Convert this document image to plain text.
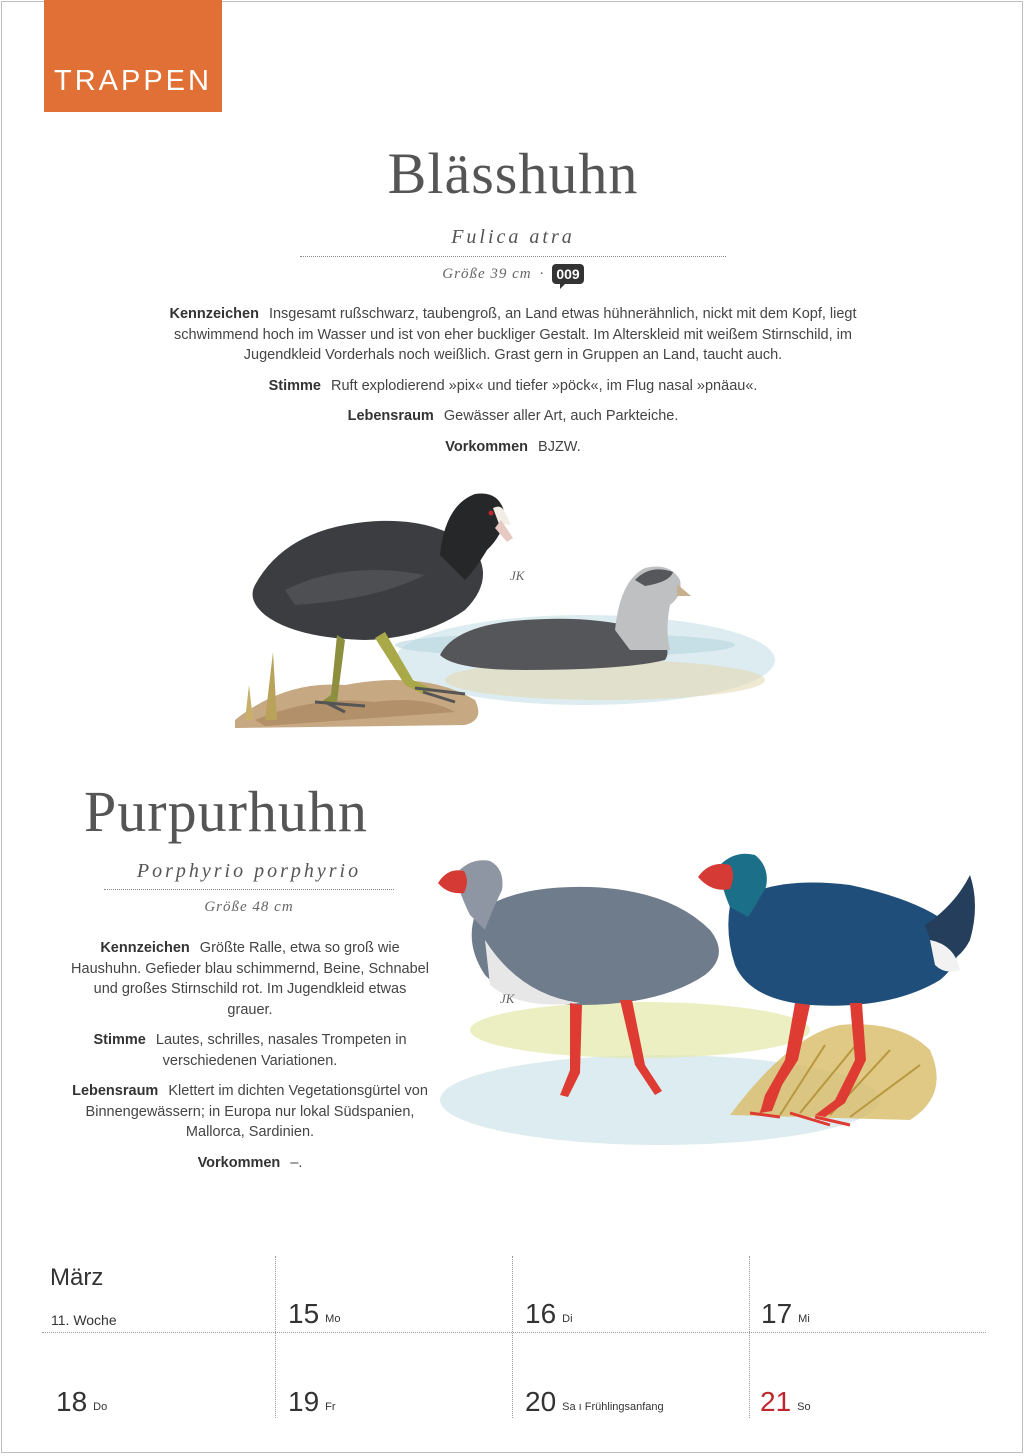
TRAPPEN
Blässhuhn
Fulica atra
Größe 39 cm · 009

Kennzeichen Insgesamt rußschwarz, taubengroß, an Land etwas hühnerähnlich, nickt mit dem Kopf, liegt schwimmend hoch im Wasser und ist von eher buckliger Gestalt. Im Alterskleid mit weißem Stirnschild, im Jugendkleid Vorderhals noch weißlich. Grast gern in Gruppen an Land, taucht auch.

Stimme Ruft explodierend »pix« und tiefer »pöck«, im Flug nasal »pnäau«.

Lebensraum Gewässer aller Art, auch Parkteiche.

Vorkommen BJZW.

JK
Purpurhuhn
Porphyrio porphyrio
Größe 48 cm

Kennzeichen Größte Ralle, etwa so groß wie Haushuhn. Gefieder blau schimmernd, Beine, Schnabel und großes Stirnschild rot. Im Jugendkleid etwas grauer.

Stimme Lautes, schrilles, nasales Trompeten in verschiedenen Variationen.

Lebensraum Klettert im dichten Vegetationsgürtel von Binnengewässern; in Europa nur lokal Südspanien, Mallorca, Sardinien.

Vorkommen –.

JK
März
11. Woche	15 Mo	16 Di	17 Mi
18 Do	19 Fr	20 Sa ı Frühlingsanfang	21 So
